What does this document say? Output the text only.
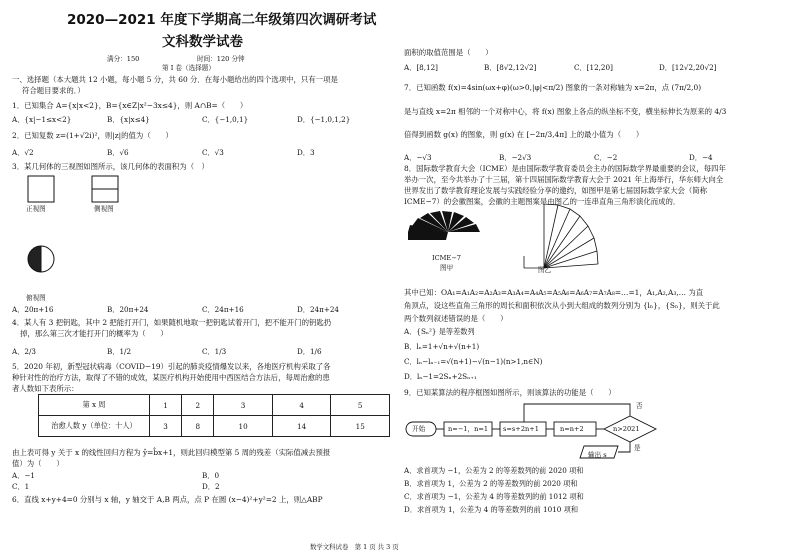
2020—2021 年度下学期高二年级第四次调研考试
文科数学试卷
满分：150	时间：120 分钟
第 I 卷（选择题）
一、选择题（本大题共 12 小题，每小题 5 分，共 60 分．在每小题给出的四个选项中，只有一项是
符合题目要求的．）
1．已知集合 A={x|x<2}，B={x∈Z|x²−3x≤4}，则 A∩B=（　　）
A．{x|−1≤x<2}	B．{x|x≤4}	C．{−1,0,1}	D．{−1,0,1,2}
2．已知复数 z=(1+√2i)²，则|z|的值为（　　）
A．√2	B．√6	C．√3	D．3
3．某几何体的三视图如图所示，该几何体的表面积为（　）
正视图	侧视图
俯视图
A．20π+16	B．20π+24	C．24π+16	D．24π+24
4．某人有 3 把钥匙，其中 2 把能打开门，如果随机地取一把钥匙试着开门，把不能开门的钥匙扔
掉，那么第三次才能打开门的概率为（　　）
A．2/3	B．1/2	C．1/3	D．1/6
5．2020 年初，新型冠状病毒（COVID−19）引起的肺炎疫情爆发以来，各地医疗机构采取了各
种针对性的治疗方法，取得了不错的成效，某医疗机构开始使用中西医结合方法后，每周治愈的患
者人数如下表所示：
第 x 周	1	2	3	4	5
治愈人数 y（单位：十人）	3	8	10	14	15
由上表可得 y 关于 x 的线性回归方程为 ŷ=b̂x+1，则此回归模型第 5 周的残差（实际值减去预报
值）为（　　）
A．−1	B．0
C．1	D．2
6．直线 x+y+4=0 分别与 x 轴，y 轴交于 A,B 两点，点 P 在圆 (x−4)²+y²=2 上，则△ABP
面积的取值范围是（　　）
A．[8,12]	B．[8√2,12√2]	C．[12,20]	D．[12√2,20√2]
7．已知函数 f(x)=4sin(ωx+φ)(ω>0,|φ|<π/2) 图象的一条对称轴为 x=2π，点 (7π/2,0)
是与直线 x=2π 相邻的一个对称中心，将 f(x) 图象上各点的纵坐标不变，横坐标伸长为原来的 4/3
倍得到函数 g(x) 的图象，则 g(x) 在 [−2π/3,4π] 上的最小值为（　　）
A．−√3	B．−2√3	C．−2	D．−4
8．国际数学教育大会（ICME）是由国际数学教育委员会主办的国际数学界最重要的会议，每四年
举办一次，至今共举办了十三届，第十四届国际数学教育大会于 2021 年上海举行，华东师大向全
世界发出了数学教育理论发展与实践经验分享的邀约，如图甲是第七届国际数学家大会（简称
ICME−7）的会徽图案，会徽的主题图案是由图乙的一连串直角三角形演化而成的．
ICME−7
图甲	图乙
其中已知：OA₁=A₁A₂=A₂A₃=A₃A₄=A₄A₅=A₅A₆=A₆A₇=A₇A₈=…=1，A₁,A₂,A₃,… 为直
角顶点，设这些直角三角形的周长和面积依次从小到大组成的数列分别为 {lₙ}，{Sₙ}，则关于此
两个数列叙述错误的是（　　）
A．{Sₙ²} 是等差数列
B．lₙ=1+√n+√(n+1)
C．lₙ−lₙ₋₁=√(n+1)−√(n−1)(n>1,n∈N)
D．lₙ−1=2Sₙ+2Sₙ₊₁
9．已知某算法的程序框图如图所示，则该算法的功能是（　　）
开始	n=−1，n=1 s=s+2n+1	n=n+2	n>2021
否
是
输出 s
A．求首项为 −1，公差为 2 的等差数列的前 2020 项和
B．求首项为 1，公差为 2 的等差数列的前 2020 项和
C．求首项为 −1，公差为 4 的等差数列的前 1012 项和
D．求首项为 1，公差为 4 的等差数列的前 1010 项和
数学文科试卷　第 1 页 共 3 页
